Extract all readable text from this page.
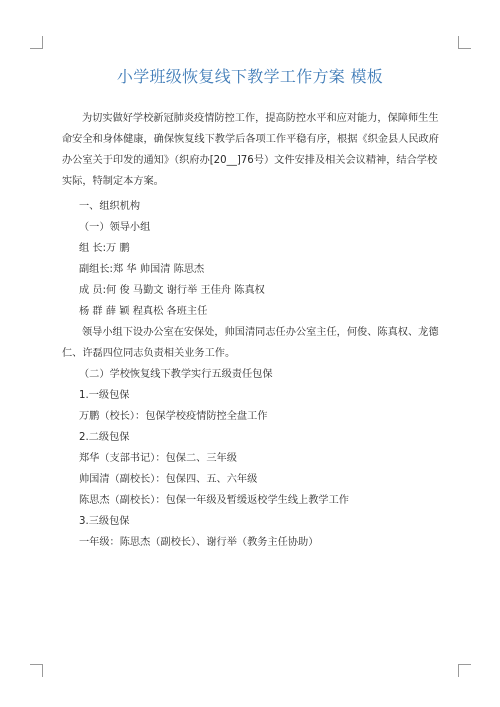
小学班级恢复线下教学工作方案 模板

为切实做好学校新冠肺炎疫情防控工作，提高防控水平和应对能力，保障师生生命安全和身体健康，确保恢复线下教学后各项工作平稳有序，根据《织金县人民政府办公室关于印发的通知》（织府办[20__]76号）文件安排及相关会议精神，结合学校实际，特制定本方案。

一、组织机构

（一）领导小组

组 长:万 鹏

副组长:郑 华 帅国清 陈思杰

成 员:何 俊 马勤文 谢行举 王佳舟 陈真权

杨 群 薛 颖 程真松 各班主任

领导小组下设办公室在安保处，帅国清同志任办公室主任，何俊、陈真权、龙德仁、许磊四位同志负责相关业务工作。

（二）学校恢复线下教学实行五级责任包保

1.一级包保

万鹏（校长）：包保学校疫情防控全盘工作

2.二级包保

郑华（支部书记）：包保二、三年级

帅国清（副校长）：包保四、五、六年级

陈思杰（副校长）：包保一年级及暂缓返校学生线上教学工作

3.三级包保

一年级：陈思杰（副校长）、谢行举（教务主任协助）
